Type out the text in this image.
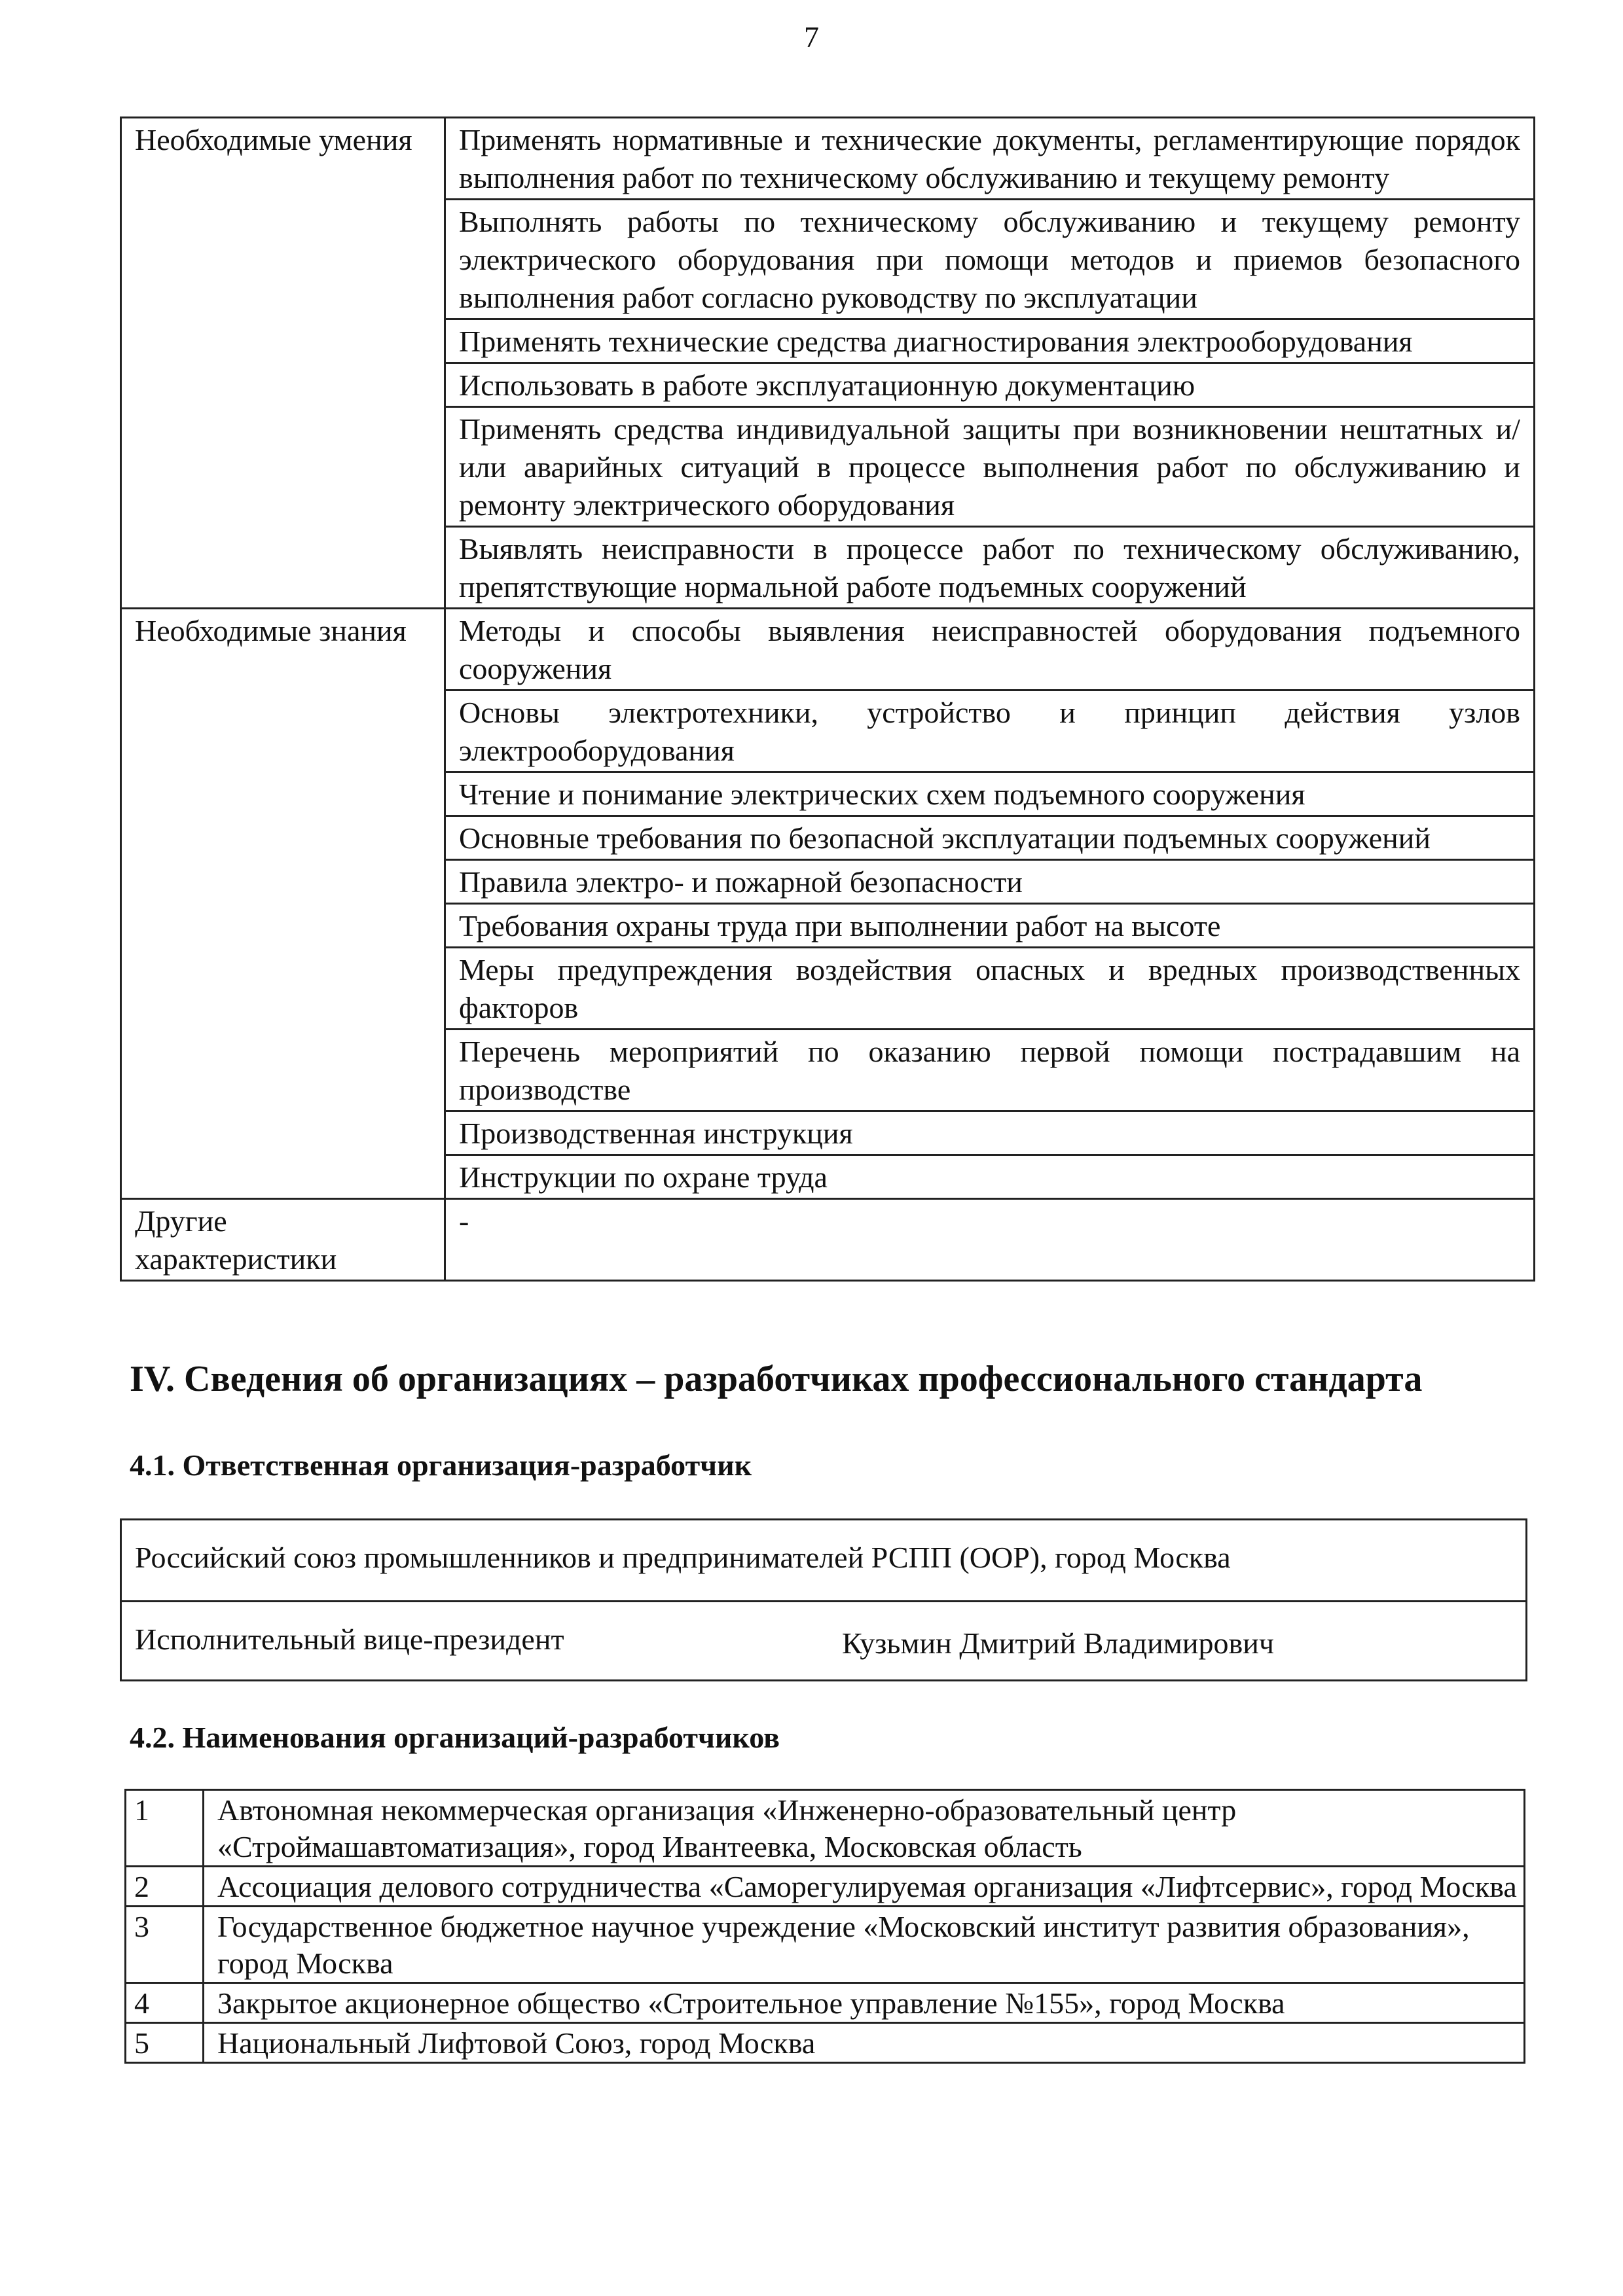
7
Необходимые умения	Применять нормативные и технические документы, регламентирующие порядок выполнения работ по техническому обслуживанию и текущему ремонту
	Выполнять работы по техническому обслуживанию и текущему ремонту электрического оборудования при помощи методов и приемов безопасного выполнения работ согласно руководству по эксплуатации
	Применять технические средства диагностирования электрооборудования
	Использовать в работе эксплуатационную документацию
	Применять средства индивидуальной защиты при возникновении нештатных и/или аварийных ситуаций в процессе выполнения работ по обслуживанию и ремонту электрического оборудования
	Выявлять неисправности в процессе работ по техническому обслуживанию, препятствующие нормальной работе подъемных сооружений
Необходимые знания	Методы и способы выявления неисправностей оборудования подъемного сооружения
	Основы электротехники, устройство и принцип действия узлов электрооборудования
	Чтение и понимание электрических схем подъемного сооружения
	Основные требования по безопасной эксплуатации подъемных сооружений
	Правила электро- и пожарной безопасности
	Требования охраны труда при выполнении работ на высоте
	Меры предупреждения воздействия опасных и вредных производственных факторов
	Перечень мероприятий по оказанию первой помощи пострадавшим на производстве
	Производственная инструкция
	Инструкции по охране труда
Другие характеристики	-
IV. Сведения об организациях – разработчиках профессионального стандарта
4.1. Ответственная организация-разработчик
Российский союз промышленников и предпринимателей РСПП (ООР), город Москва
Исполнительный вице-президент	Кузьмин Дмитрий Владимирович
4.2. Наименования организаций-разработчиков
1	Автономная некоммерческая организация «Инженерно-образовательный центр «Строймашавтоматизация», город Ивантеевка, Московская область
2	Ассоциация делового сотрудничества «Саморегулируемая организация «Лифтсервис», город Москва
3	Государственное бюджетное научное учреждение «Московский институт развития образования», город Москва
4	Закрытое акционерное общество «Строительное управление №155», город Москва
5	Национальный Лифтовой Союз, город Москва
